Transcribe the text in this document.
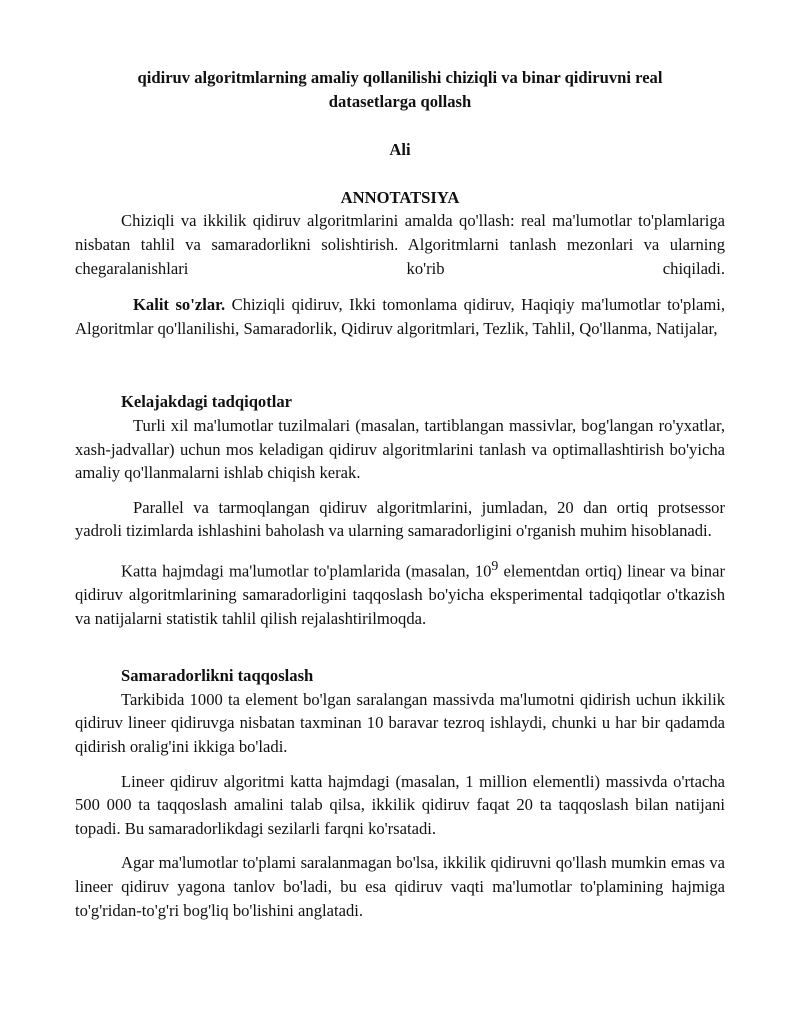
qidiruv algoritmlarning amaliy qollanilishi chiziqli va binar qidiruvni real datasetlarga qollash
Ali
ANNOTATSIYA

Chiziqli va ikkilik qidiruv algoritmlarini amalda qo'llash: real ma'lumotlar to'plamlariga nisbatan tahlil va samaradorlikni solishtirish. Algoritmlarni tanlash mezonlari va ularning chegaralanishlari ko'rib chiqiladi.

Kalit so'zlar. Chiziqli qidiruv, Ikki tomonlama qidiruv, Haqiqiy ma'lumotlar to'plami, Algoritmlar qo'llanilishi, Samaradorlik, Qidiruv algoritmlari, Tezlik, Tahlil, Qo'llanma, Natijalar,

Kelajakdagi tadqiqotlar

Turli xil ma'lumotlar tuzilmalari (masalan, tartiblangan massivlar, bog'langan ro'yxatlar, xash-jadvallar) uchun mos keladigan qidiruv algoritmlarini tanlash va optimallashtirish bo'yicha amaliy qo'llanmalarni ishlab chiqish kerak.

Parallel va tarmoqlangan qidiruv algoritmlarini, jumladan, 20 dan ortiq protsessor yadroli tizimlarda ishlashini baholash va ularning samaradorligini o'rganish muhim hisoblanadi.

Katta hajmdagi ma'lumotlar to'plamlarida (masalan, $10^9$ elementdan ortiq) linear va binar qidiruv algoritmlarining samaradorligini taqqoslash bo'yicha eksperimental tadqiqotlar o'tkazish va natijalarni statistik tahlil qilish rejalashtirilmoqda.

Samaradorlikni taqqoslash

Tarkibida 1000 ta element bo'lgan saralangan massivda ma'lumotni qidirish uchun ikkilik qidiruv lineer qidiruvga nisbatan taxminan 10 baravar tezroq ishlaydi, chunki u har bir qadamda qidirish oralig'ini ikkiga bo'ladi.

Lineer qidiruv algoritmi katta hajmdagi (masalan, 1 million elementli) massivda o'rtacha 500 000 ta taqqoslash amalini talab qilsa, ikkilik qidiruv faqat 20 ta taqqoslash bilan natijani topadi. Bu samaradorlikdagi sezilarli farqni ko'rsatadi.

Agar ma'lumotlar to'plami saralanmagan bo'lsa, ikkilik qidiruvni qo'llash mumkin emas va lineer qidiruv yagona tanlov bo'ladi, bu esa qidiruv vaqti ma'lumotlar to'plamining hajmiga to'g'ridan-to'g'ri bog'liq bo'lishini anglatadi.
